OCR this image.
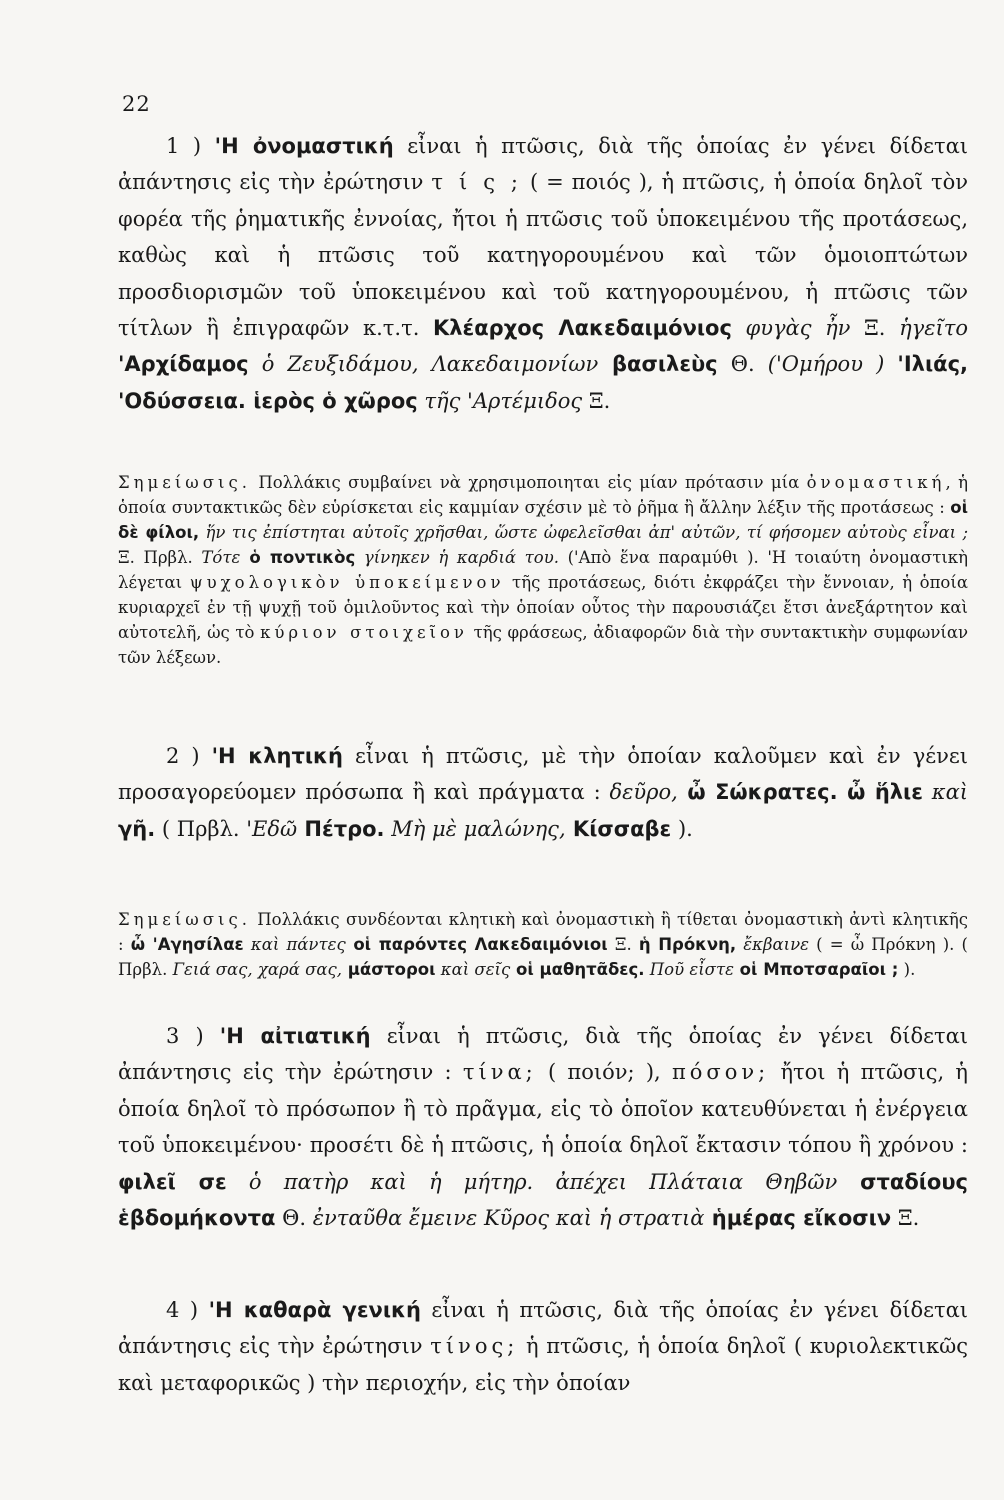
22

1 ) 'Η ὀνομαστική εἶναι ἡ πτῶσις, διὰ τῆς ὁποίας ἐν γένει δίδεται ἀπάντησις εἰς τὴν ἐρώτησιν τ ί ς ; ( = ποιός ), ἡ πτῶσις, ἡ ὁποία δηλοῖ τὸν φορέα τῆς ῥηματικῆς ἐννοίας, ἤτοι ἡ πτῶσις τοῦ ὑποκειμένου τῆς προτάσεως, καθὼς καὶ ἡ πτῶσις τοῦ κατηγορουμένου καὶ τῶν ὁμοιοπτώτων προσδιορισμῶν τοῦ ὑποκειμένου καὶ τοῦ κατηγορουμένου, ἡ πτῶσις τῶν τίτλων ἢ ἐπιγραφῶν κ.τ.τ. Κλέαρχος Λακεδαιμόνιος φυγὰς ἦν Ξ. ἡγεῖτο 'Αρχίδαμος ὁ Ζευξιδάμου, Λακεδαιμονίων βασιλεὺς Θ. ('Ομήρου ) 'Ιλιάς, 'Οδύσσεια. ἱερὸς ὁ χῶρος τῆς 'Αρτέμιδος Ξ.

Σημείωσις. Πολλάκις συμβαίνει νὰ χρησιμοποιηται εἰς μίαν πρότασιν μία ὀνομαστική, ἡ ὁποία συντακτικῶς δὲν εὑρίσκεται εἰς καμμίαν σχέσιν μὲ τὸ ῥῆμα ἢ ἄλλην λέξιν τῆς προτάσεως : οἱ δὲ φίλοι, ἥν τις ἐπίστηται αὐτοῖς χρῆσθαι, ὥστε ὠφελεῖσθαι ἀπ' αὐτῶν, τί φήσομεν αὐτοὺς εἶναι ; Ξ. Πρβλ. Τότε ὁ ποντικὸς γίνηκεν ἡ καρδιά του. ('Απὸ ἕνα παραμύθι ). 'Η τοιαύτη ὀνομαστικὴ λέγεται ψυχολογικὸν ὑποκείμενον τῆς προτάσεως, διότι ἐκφράζει τὴν ἔννοιαν, ἡ ὁποία κυριαρχεῖ ἐν τῇ ψυχῇ τοῦ ὁμιλοῦντος καὶ τὴν ὁποίαν οὗτος τὴν παρουσιάζει ἔτσι ἀνεξάρτητον καὶ αὐτοτελῆ, ὡς τὸ κύριον στοιχεῖον τῆς φράσεως, ἀδιαφορῶν διὰ τὴν συντακτικὴν συμφωνίαν τῶν λέξεων.

2 ) 'Η κλητική εἶναι ἡ πτῶσις, μὲ τὴν ὁποίαν καλοῦμεν καὶ ἐν γένει προσαγορεύομεν πρόσωπα ἢ καὶ πράγματα : δεῦρο, ὦ Σώκρατες. ὦ ἥλιε καὶ γῆ. ( Πρβλ. 'Εδῶ Πέτρο. Μὴ μὲ μαλώνης, Κίσσαβε ).

Σημείωσις. Πολλάκις συνδέονται κλητικὴ καὶ ὀνομαστικὴ ἢ τίθεται ὀνομαστικὴ ἀντὶ κλητικῆς : ὦ 'Αγησίλαε καὶ πάντες οἱ παρόντες Λακεδαιμόνιοι Ξ. ἡ Πρόκνη, ἔκβαινε ( = ὦ Πρόκνη ). ( Πρβλ. Γειά σας, χαρά σας, μάστοροι καὶ σεῖς οἱ μαθητᾶδες. Ποῦ εἶστε οἱ Μποτσαραῖοι ; ).

3 ) 'Η αἰτιατική εἶναι ἡ πτῶσις, διὰ τῆς ὁποίας ἐν γένει δίδεται ἀπάντησις εἰς τὴν ἐρώτησιν : τίνα; ( ποιόν; ), πόσον; ἤτοι ἡ πτῶσις, ἡ ὁποία δηλοῖ τὸ πρόσωπον ἢ τὸ πρᾶγμα, εἰς τὸ ὁποῖον κατευθύνεται ἡ ἐνέργεια τοῦ ὑποκειμένου· προσέτι δὲ ἡ πτῶσις, ἡ ὁποία δηλοῖ ἔκτασιν τόπου ἢ χρόνου : φιλεῖ σε ὁ πατὴρ καὶ ἡ μήτηρ. ἀπέχει Πλάταια Θηβῶν σταδίους ἑβδομήκοντα Θ. ἐνταῦθα ἔμεινε Κῦρος καὶ ἡ στρατιὰ ἡμέρας εἴκοσιν Ξ.

4 ) 'Η καθαρὰ γενική εἶναι ἡ πτῶσις, διὰ τῆς ὁποίας ἐν γένει δίδεται ἀπάντησις εἰς τὴν ἐρώτησιν τίνος; ἡ πτῶσις, ἡ ὁποία δηλοῖ ( κυριολεκτικῶς καὶ μεταφορικῶς ) τὴν περιοχήν, εἰς τὴν ὁποίαν
